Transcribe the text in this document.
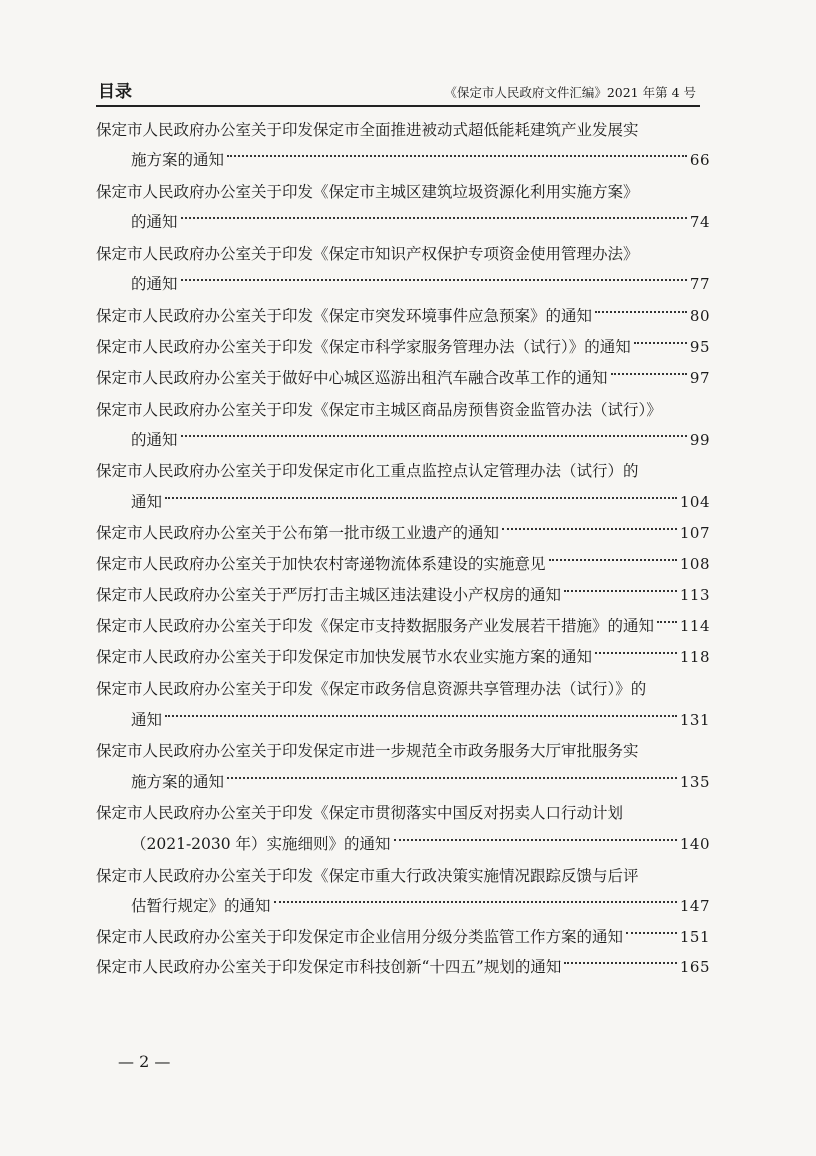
目录	《保定市人民政府文件汇编》2021 年第 4 号
保定市人民政府办公室关于印发保定市全面推进被动式超低能耗建筑产业发展实
施方案的通知	66
保定市人民政府办公室关于印发《保定市主城区建筑垃圾资源化利用实施方案》
的通知	74
保定市人民政府办公室关于印发《保定市知识产权保护专项资金使用管理办法》
的通知	77
保定市人民政府办公室关于印发《保定市突发环境事件应急预案》的通知	80
保定市人民政府办公室关于印发《保定市科学家服务管理办法（试行）》的通知	95
保定市人民政府办公室关于做好中心城区巡游出租汽车融合改革工作的通知	97
保定市人民政府办公室关于印发《保定市主城区商品房预售资金监管办法（试行）》
的通知	99
保定市人民政府办公室关于印发保定市化工重点监控点认定管理办法（试行）的
通知	104
保定市人民政府办公室关于公布第一批市级工业遗产的通知	107
保定市人民政府办公室关于加快农村寄递物流体系建设的实施意见	108
保定市人民政府办公室关于严厉打击主城区违法建设小产权房的通知	113
保定市人民政府办公室关于印发《保定市支持数据服务产业发展若干措施》的通知 114
保定市人民政府办公室关于印发保定市加快发展节水农业实施方案的通知	118
保定市人民政府办公室关于印发《保定市政务信息资源共享管理办法（试行）》的
通知	131
保定市人民政府办公室关于印发保定市进一步规范全市政务服务大厅审批服务实
施方案的通知	135
保定市人民政府办公室关于印发《保定市贯彻落实中国反对拐卖人口行动计划
（2021-2030 年）实施细则》的通知	140
保定市人民政府办公室关于印发《保定市重大行政决策实施情况跟踪反馈与后评
估暂行规定》的通知	147
保定市人民政府办公室关于印发保定市企业信用分级分类监管工作方案的通知	151
保定市人民政府办公室关于印发保定市科技创新“十四五”规划的通知	165
— 2 —
